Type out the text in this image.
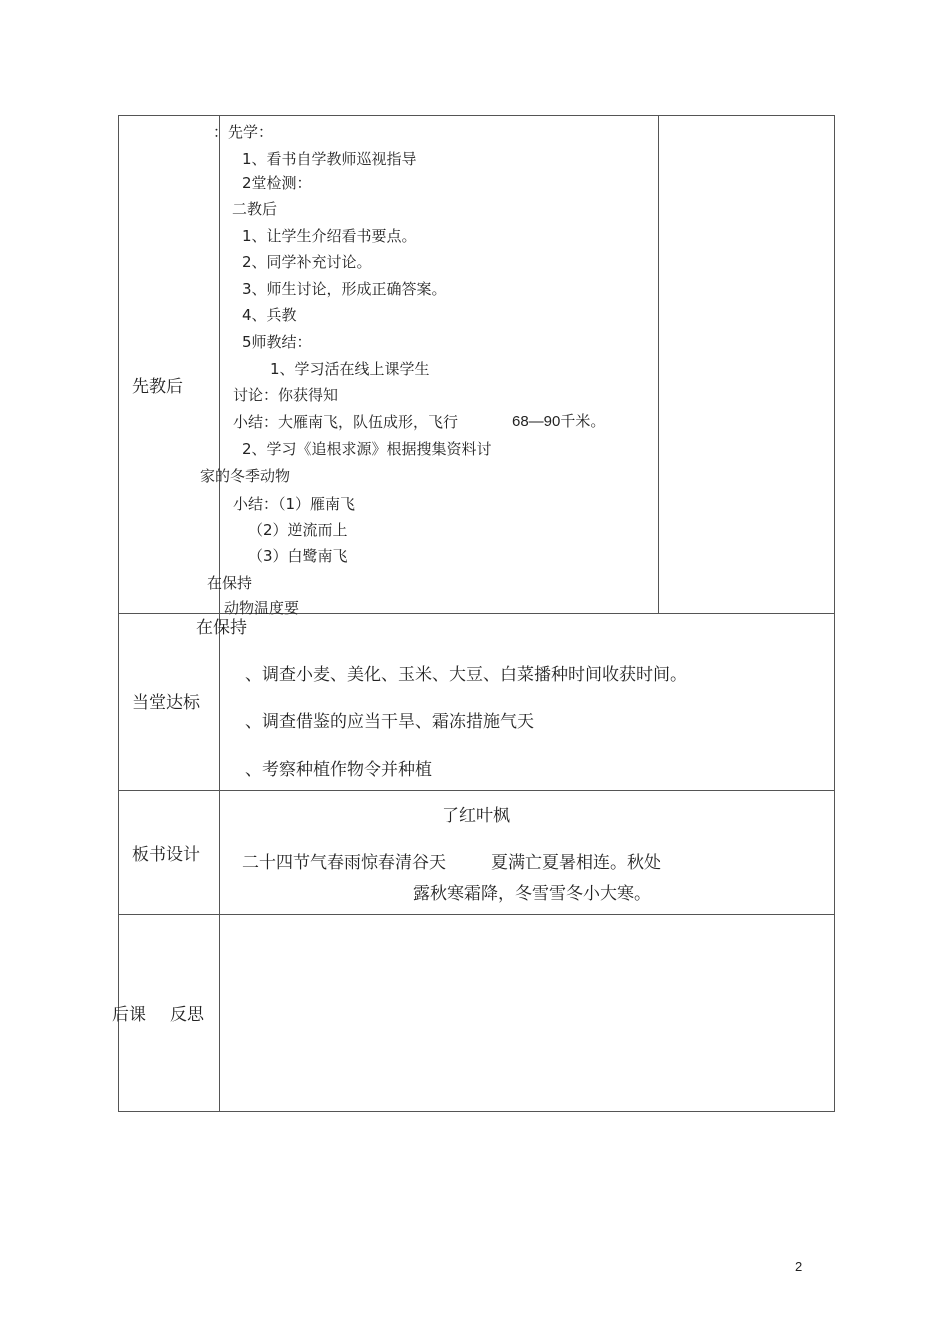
先教后
：先学：
1、看书自学教师巡视指导
2堂检测：
二教后
1、让学生介绍看书要点。
2、同学补充讨论。
3、师生讨论，形成正确答案。
4、兵教
5师教结：
1、学习活在线上课学生
讨论：你获得知
小结：大雁南飞，队伍成形，飞行	68—90千米。
2、学习《追根求源》根据搜集资料讨
家的冬季动物
小结：（1）雁南飞
（2）逆流而上
（3）白鹭南飞
在保持
动物温度要
在保持
当堂达标
、调查小麦、美化、玉米、大豆、白菜播种时间收获时间。
、调查借鉴的应当干旱、霜冻措施气天
、考察种植作物令并种植
板书设计
了红叶枫
二十四节气春雨惊春清谷天	夏满亡夏暑相连。秋处
露秋寒霜降，冬雪雪冬小大寒。
后课 反思
2
